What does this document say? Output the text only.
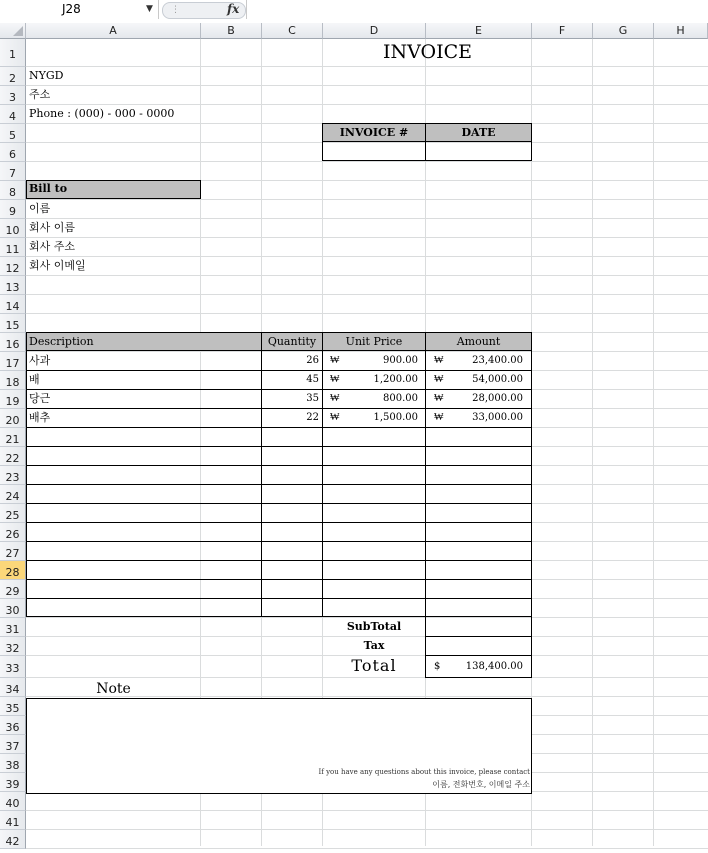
J28	▼ ⋮	fx
A	B	C	D	E	F	G	H
1
2
3
4
5
6
7
8
9
10
11
12
13
14
15
16
17
18
19
20
21
22
23
24
25
26
27
28
29
30
31
32
33
34
35
36
37
38
39
40
41
42
INVOICE
NYGD
주소
Phone : (000) - 000 - 0000
INVOICE #	DATE
Bill to
이름
회사 이름
회사 주소
회사 이메일
Description	Quantity	Unit Price	Amount
사과	26 ₩	900.00 ₩	23,400.00
배	45 ₩	1,200.00 ₩	54,000.00
당근	35 ₩	800.00 ₩	28,000.00
배추	22 ₩	1,500.00 ₩	33,000.00
SubTotal
Tax
Total	$	138,400.00
Note
If you have any questions about this invoice, please contact
이름, 전화번호, 이메일 주소
